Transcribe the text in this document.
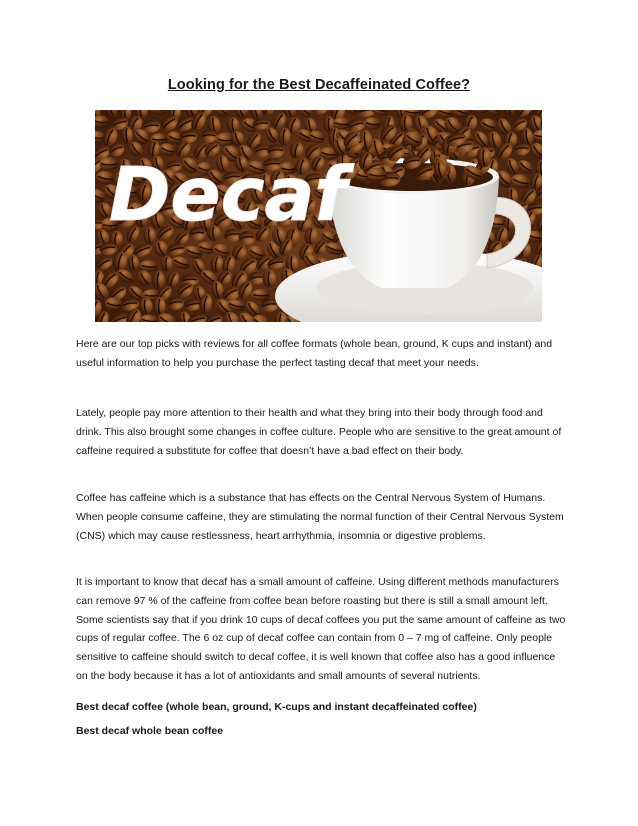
Looking for the Best Decaffeinated Coffee?
Decaf

Here are our top picks with reviews for all coffee formats (whole bean, ground, K cups and instant) and useful information to help you purchase the perfect tasting decaf that meet your needs.

Lately, people pay more attention to their health and what they bring into their body through food and drink. This also brought some changes in coffee culture. People who are sensitive to the great amount of caffeine required a substitute for coffee that doesn’t have a bad effect on their body.

Coffee has caffeine which is a substance that has effects on the Central Nervous System of Humans. When people consume caffeine, they are stimulating the normal function of their Central Nervous System (CNS) which may cause restlessness, heart arrhythmia, insomnia or digestive problems.

It is important to know that decaf has a small amount of caffeine. Using different methods manufacturers can remove 97 % of the caffeine from coffee bean before roasting but there is still a small amount left. Some scientists say that if you drink 10 cups of decaf coffees you put the same amount of caffeine as two cups of regular coffee. The 6 oz cup of decaf coffee can contain from 0 – 7 mg of caffeine. Only people sensitive to caffeine should switch to decaf coffee, it is well known that coffee also has a good influence on the body because it has a lot of antioxidants and small amounts of several nutrients.

Best decaf coffee (whole bean, ground, K-cups and instant decaffeinated coffee)

Best decaf whole bean coffee
